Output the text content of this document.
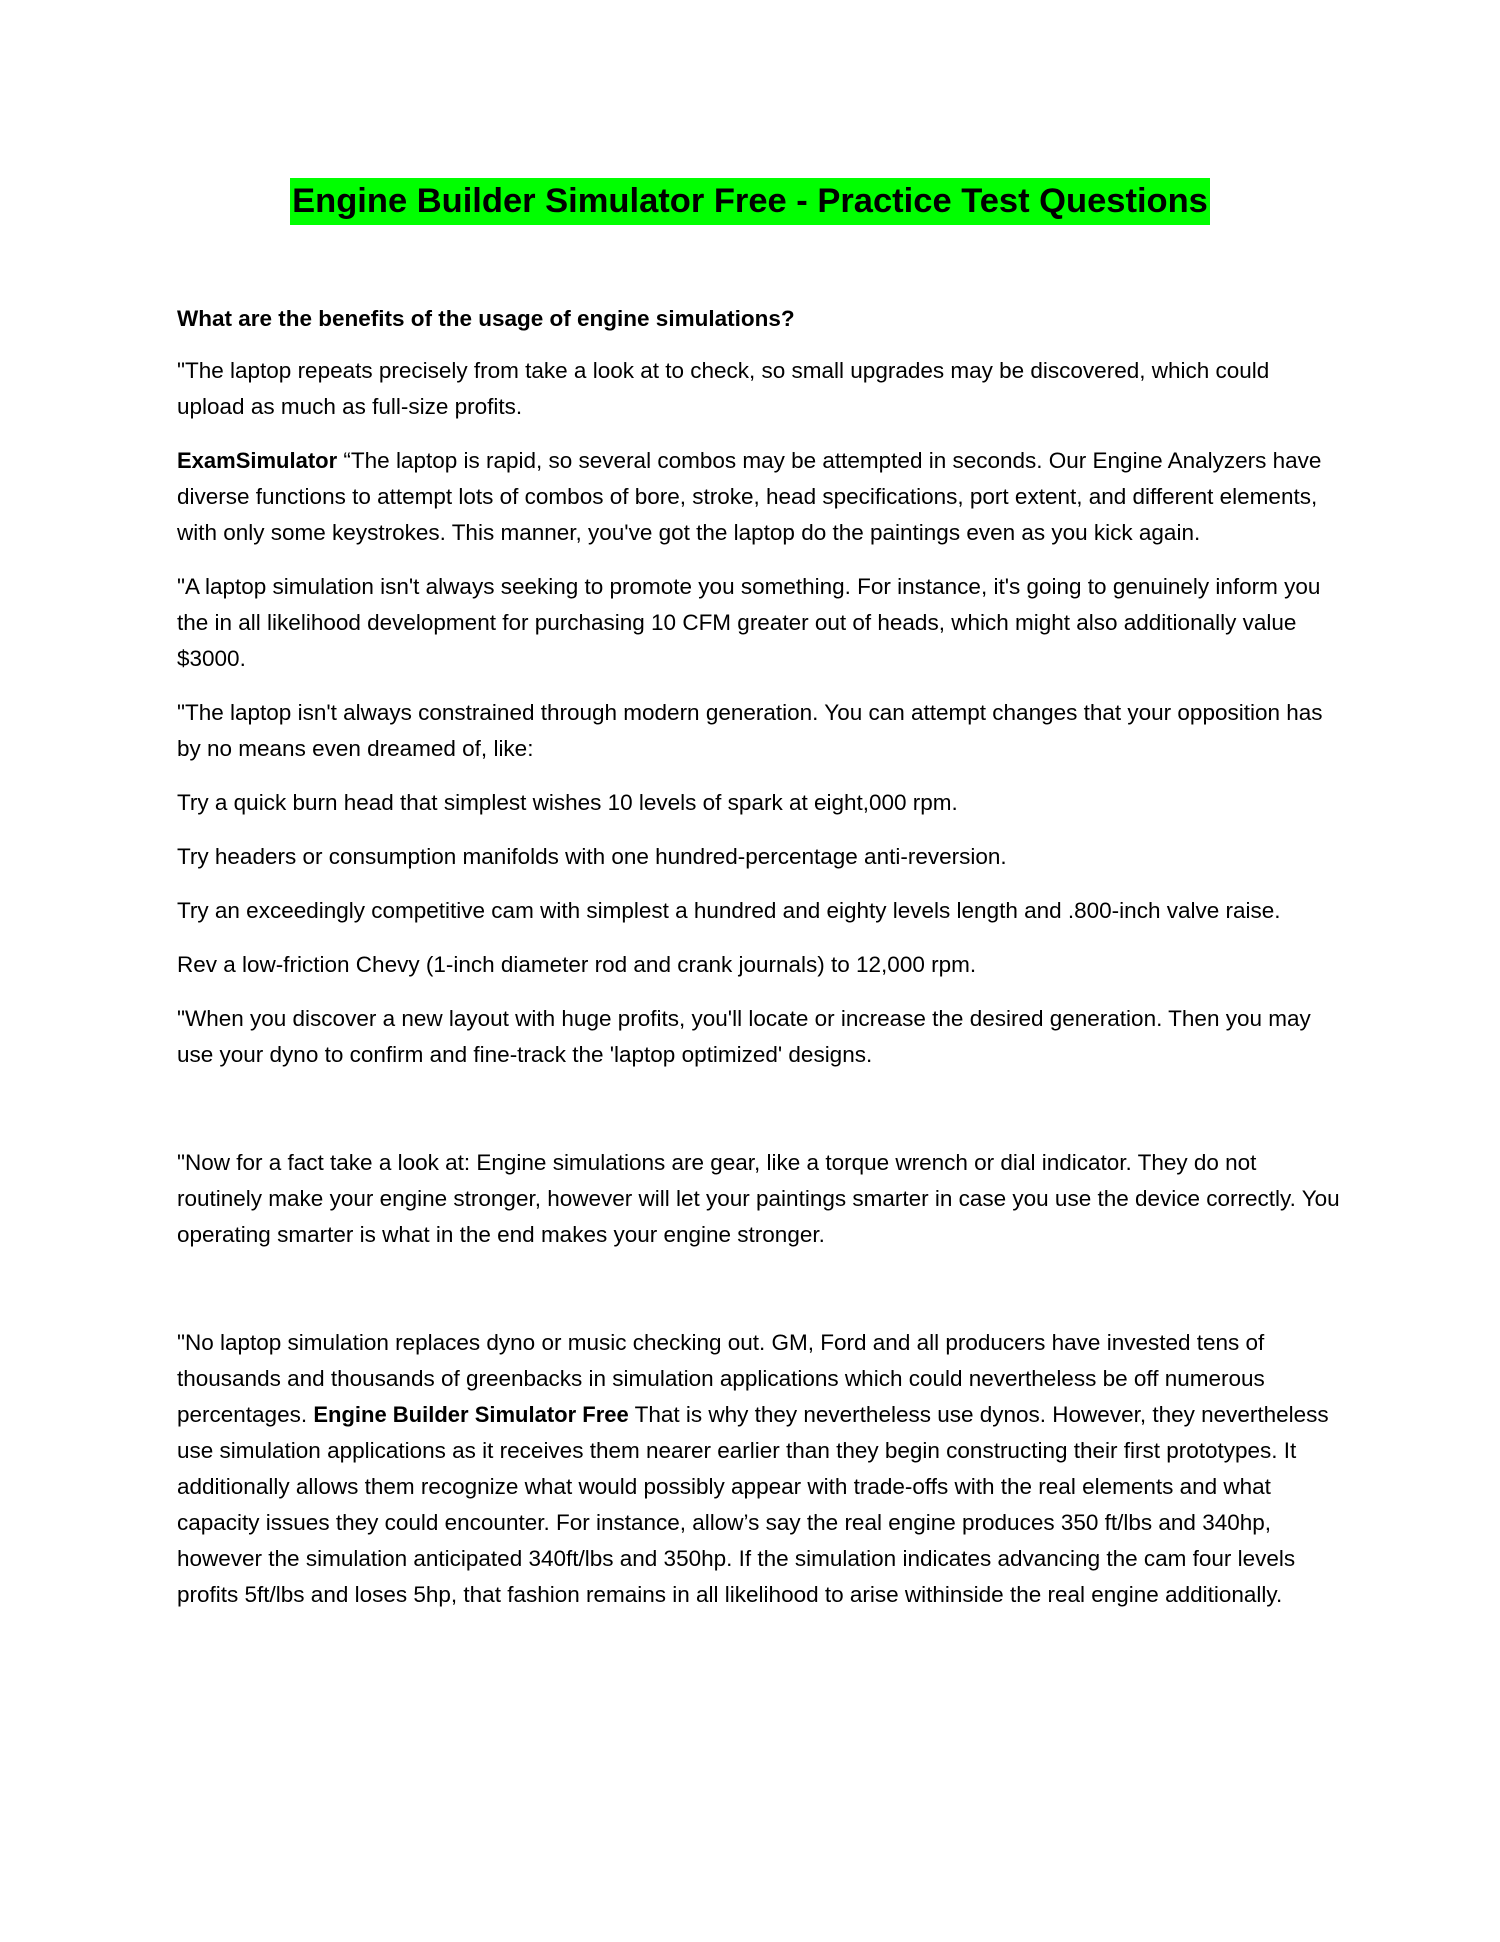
Engine Builder Simulator Free - Practice Test Questions

What are the benefits of the usage of engine simulations?

"The laptop repeats precisely from take a look at to check, so small upgrades may be discovered, which could upload as much as full-size profits.

ExamSimulator “The laptop is rapid, so several combos may be attempted in seconds. Our Engine Analyzers have diverse functions to attempt lots of combos of bore, stroke, head specifications, port extent, and different elements, with only some keystrokes. This manner, you've got the laptop do the paintings even as you kick again.

"A laptop simulation isn't always seeking to promote you something. For instance, it's going to genuinely inform you the in all likelihood development for purchasing 10 CFM greater out of heads, which might also additionally value $3000.

"The laptop isn't always constrained through modern generation. You can attempt changes that your opposition has by no means even dreamed of, like:

Try a quick burn head that simplest wishes 10 levels of spark at eight,000 rpm.

Try headers or consumption manifolds with one hundred-percentage anti-reversion.

Try an exceedingly competitive cam with simplest a hundred and eighty levels length and .800-inch valve raise.

Rev a low-friction Chevy (1-inch diameter rod and crank journals) to 12,000 rpm.

"When you discover a new layout with huge profits, you'll locate or increase the desired generation. Then you may use your dyno to confirm and fine-track the 'laptop optimized' designs.

"Now for a fact take a look at: Engine simulations are gear, like a torque wrench or dial indicator. They do not routinely make your engine stronger, however will let your paintings smarter in case you use the device correctly. You operating smarter is what in the end makes your engine stronger.

"No laptop simulation replaces dyno or music checking out. GM, Ford and all producers have invested tens of thousands and thousands of greenbacks in simulation applications which could nevertheless be off numerous percentages. Engine Builder Simulator Free That is why they nevertheless use dynos. However, they nevertheless use simulation applications as it receives them nearer earlier than they begin constructing their first prototypes. It additionally allows them recognize what would possibly appear with trade-offs with the real elements and what capacity issues they could encounter. For instance, allow’s say the real engine produces 350 ft/lbs and 340hp, however the simulation anticipated 340ft/lbs and 350hp. If the simulation indicates advancing the cam four levels profits 5ft/lbs and loses 5hp, that fashion remains in all likelihood to arise withinside the real engine additionally.
